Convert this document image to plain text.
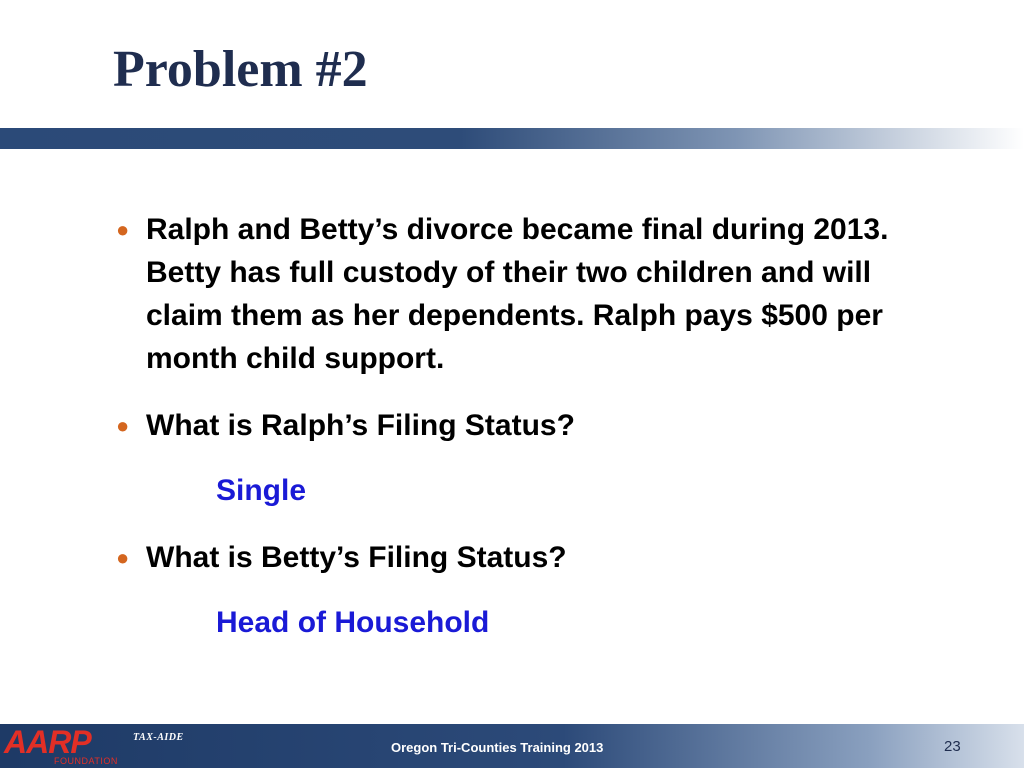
Problem #2
● Ralph and Betty’s divorce became final during 2013. Betty has full custody of their two children and will claim them as her dependents. Ralph pays $500 per month child support.
● What is Ralph’s Filing Status?
Single
● What is Betty’s Filing Status?
Head of Household
AARP
FOUNDATION
TAX-AIDE
Oregon Tri-Counties Training 2013	23
